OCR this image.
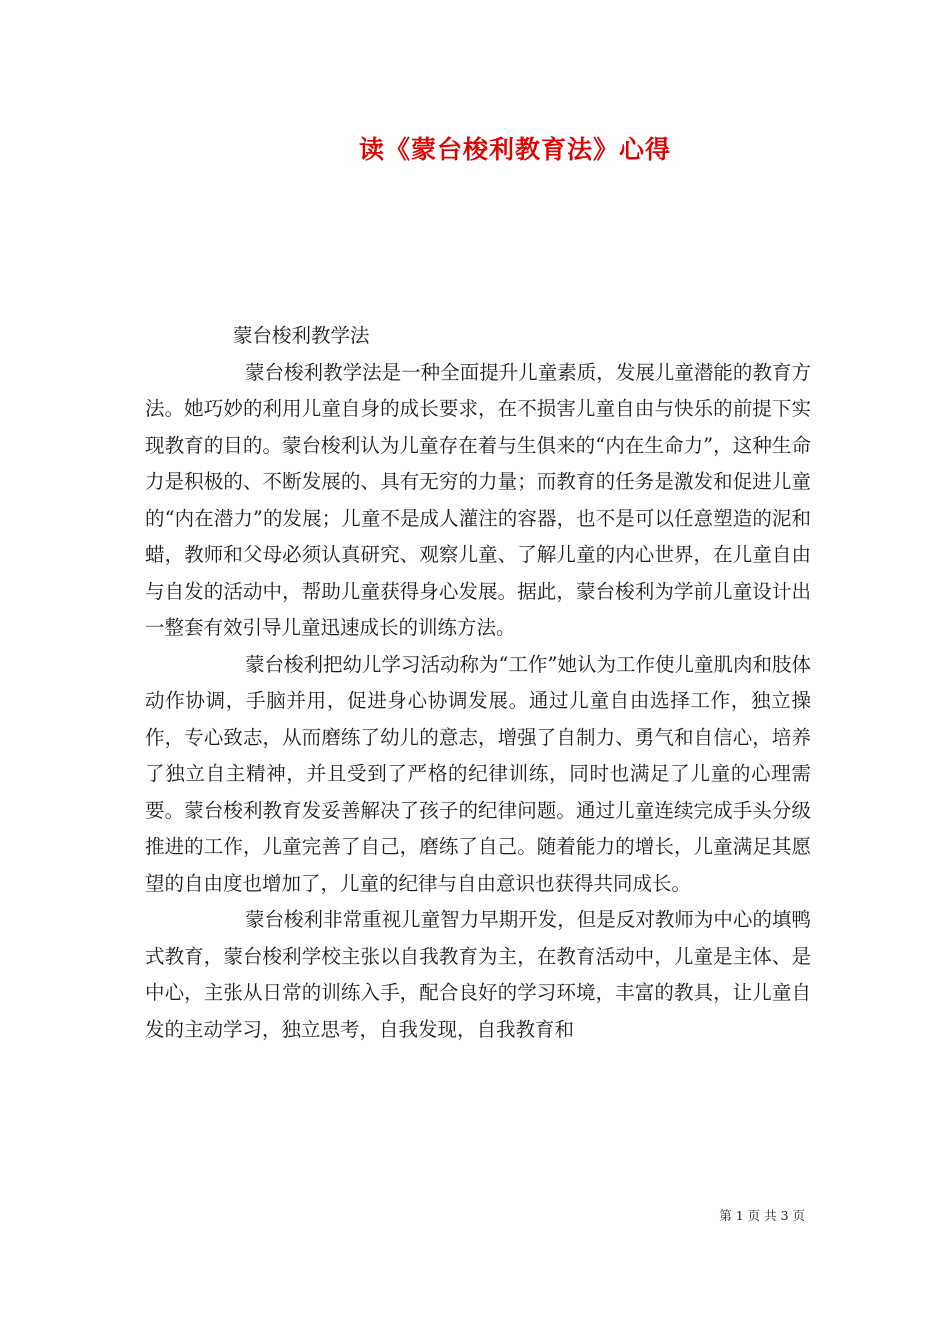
读《蒙台梭利教育法》心得

蒙台梭利教学法

蒙台梭利教学法是一种全面提升儿童素质，发展儿童潜能的教育方法。她巧妙的利用儿童自身的成长要求，在不损害儿童自由与快乐的前提下实现教育的目的。蒙台梭利认为儿童存在着与生俱来的“内在生命力”，这种生命力是积极的、不断发展的、具有无穷的力量；而教育的任务是激发和促进儿童的“内在潜力”的发展；儿童不是成人灌注的容器，也不是可以任意塑造的泥和蜡，教师和父母必须认真研究、观察儿童、了解儿童的内心世界，在儿童自由与自发的活动中，帮助儿童获得身心发展。据此，蒙台梭利为学前儿童设计出一整套有效引导儿童迅速成长的训练方法。

蒙台梭利把幼儿学习活动称为“工作”她认为工作使儿童肌肉和肢体动作协调，手脑并用，促进身心协调发展。通过儿童自由选择工作，独立操作，专心致志，从而磨练了幼儿的意志，增强了自制力、勇气和自信心，培养了独立自主精神，并且受到了严格的纪律训练，同时也满足了儿童的心理需要。蒙台梭利教育发妥善解决了孩子的纪律问题。通过儿童连续完成手头分级推进的工作，儿童完善了自己，磨练了自己。随着能力的增长，儿童满足其愿望的自由度也增加了，儿童的纪律与自由意识也获得共同成长。

蒙台梭利非常重视儿童智力早期开发，但是反对教师为中心的填鸭式教育，蒙台梭利学校主张以自我教育为主，在教育活动中，儿童是主体、是中心，主张从日常的训练入手，配合良好的学习环境，丰富的教具，让儿童自发的主动学习，独立思考，自我发现，自我教育和

第 1 页 共 3 页
